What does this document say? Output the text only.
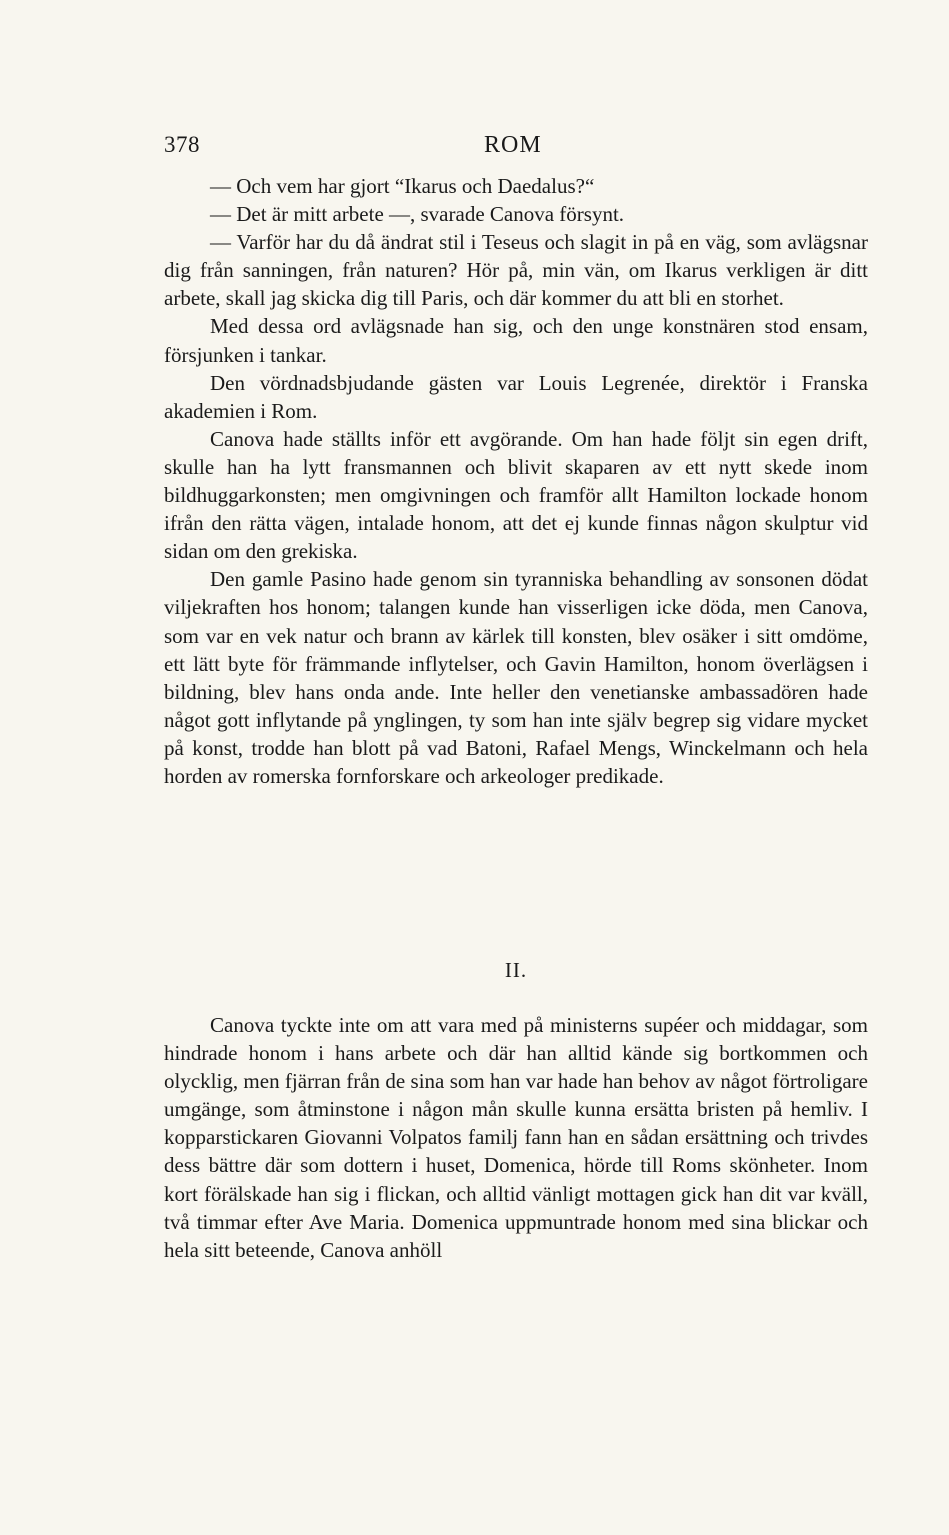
378	ROM

— Och vem har gjort “Ikarus och Daedalus?“

— Det är mitt arbete —, svarade Canova försynt.

— Varför har du då ändrat stil i Teseus och slagit in på en väg, som avlägsnar dig från sanningen, från naturen? Hör på, min vän, om Ikarus verkligen är ditt arbete, skall jag skicka dig till Paris, och där kommer du att bli en storhet.

Med dessa ord avlägsnade han sig, och den unge konstnären stod ensam, försjunken i tankar.

Den vördnadsbjudande gästen var Louis Legrenée, direktör i Franska akademien i Rom.

Canova hade ställts inför ett avgörande. Om han hade följt sin egen drift, skulle han ha lytt fransmannen och blivit skaparen av ett nytt skede inom bildhuggarkonsten; men omgivningen och framför allt Hamilton lockade honom ifrån den rätta vägen, intalade honom, att det ej kunde finnas någon skulptur vid sidan om den grekiska.

Den gamle Pasino hade genom sin tyranniska behandling av sonsonen dödat viljekraften hos honom; talangen kunde han visserligen icke döda, men Canova, som var en vek natur och brann av kärlek till konsten, blev osäker i sitt omdöme, ett lätt byte för främmande inflytelser, och Gavin Hamilton, honom överlägsen i bildning, blev hans onda ande. Inte heller den venetianske ambassadören hade något gott inflytande på ynglingen, ty som han inte själv begrep sig vidare mycket på konst, trodde han blott på vad Batoni, Rafael Mengs, Winckelmann och hela horden av romerska fornforskare och arkeologer predikade.

II.

Canova tyckte inte om att vara med på ministerns supéer och middagar, som hindrade honom i hans arbete och där han alltid kände sig bortkommen och olycklig, men fjärran från de sina som han var hade han behov av något förtroligare umgänge, som åtminstone i någon mån skulle kunna ersätta bristen på hemliv. I kopparstickaren Giovanni Volpatos familj fann han en sådan ersättning och trivdes dess bättre där som dottern i huset, Domenica, hörde till Roms skönheter. Inom kort förälskade han sig i flickan, och alltid vänligt mottagen gick han dit var kväll, två timmar efter Ave Maria. Domenica uppmuntrade honom med sina blickar och hela sitt beteende, Canova anhöll
